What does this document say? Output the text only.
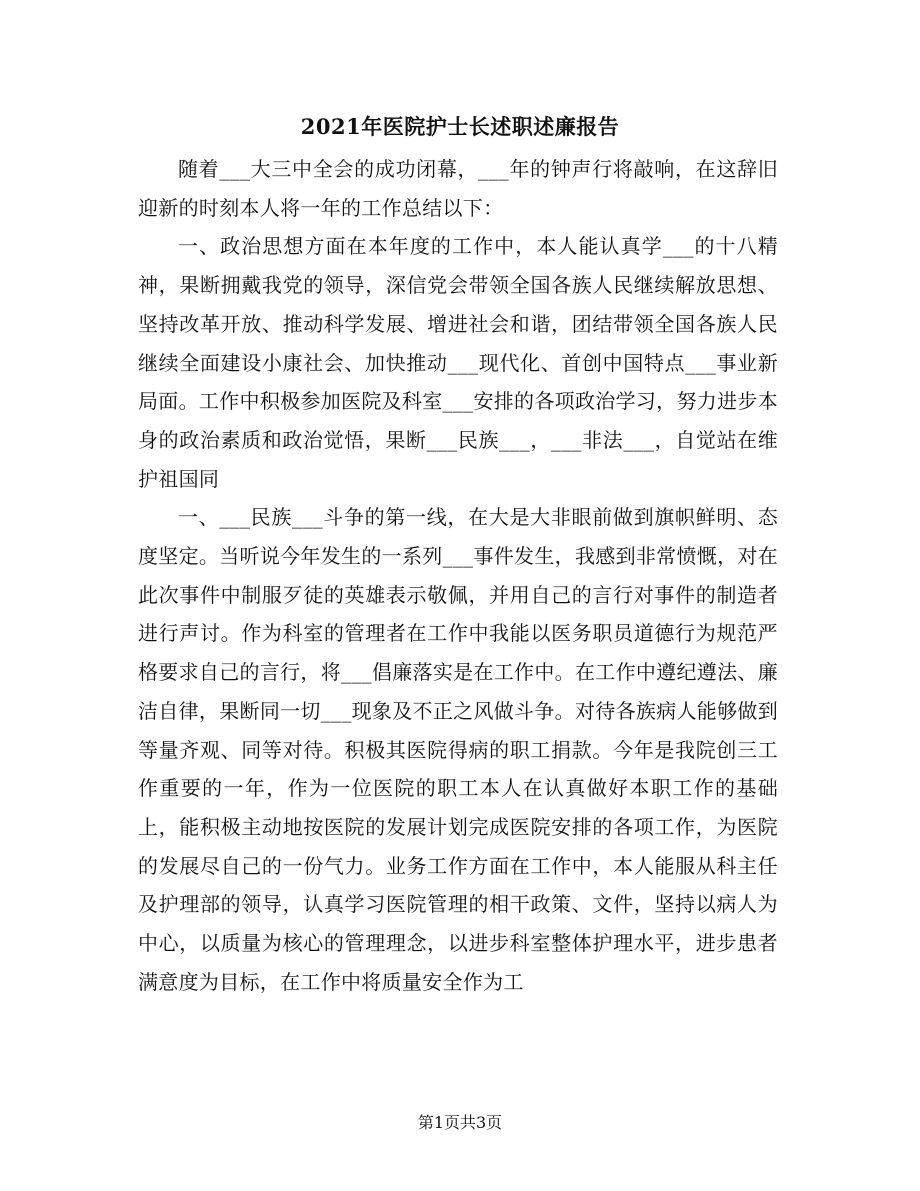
2021年医院护士长述职述廉报告

随着___大三中全会的成功闭幕，___年的钟声行将敲响，在这辞旧迎新的时刻本人将一年的工作总结以下：

一、政治思想方面在本年度的工作中，本人能认真学___的十八精神，果断拥戴我党的领导，深信党会带领全国各族人民继续解放思想、坚持改革开放、推动科学发展、增进社会和谐，团结带领全国各族人民继续全面建设小康社会、加快推动___现代化、首创中国特点___事业新局面。工作中积极参加医院及科室___安排的各项政治学习，努力进步本身的政治素质和政治觉悟，果断___民族___，___非法___，自觉站在维护祖国同

一、___民族___斗争的第一线，在大是大非眼前做到旗帜鲜明、态度坚定。当听说今年发生的一系列___事件发生，我感到非常愤慨，对在此次事件中制服歹徒的英雄表示敬佩，并用自己的言行对事件的制造者进行声讨。作为科室的管理者在工作中我能以医务职员道德行为规范严格要求自己的言行，将___倡廉落实是在工作中。在工作中遵纪遵法、廉洁自律，果断同一切___现象及不正之风做斗争。对待各族病人能够做到等量齐观、同等对待。积极其医院得病的职工捐款。今年是我院创三工作重要的一年，作为一位医院的职工本人在认真做好本职工作的基础上，能积极主动地按医院的发展计划完成医院安排的各项工作，为医院的发展尽自己的一份气力。业务工作方面在工作中，本人能服从科主任及护理部的领导，认真学习医院管理的相干政策、文件，坚持以病人为中心，以质量为核心的管理理念，以进步科室整体护理水平，进步患者满意度为目标，在工作中将质量安全作为工

第1页共3页
